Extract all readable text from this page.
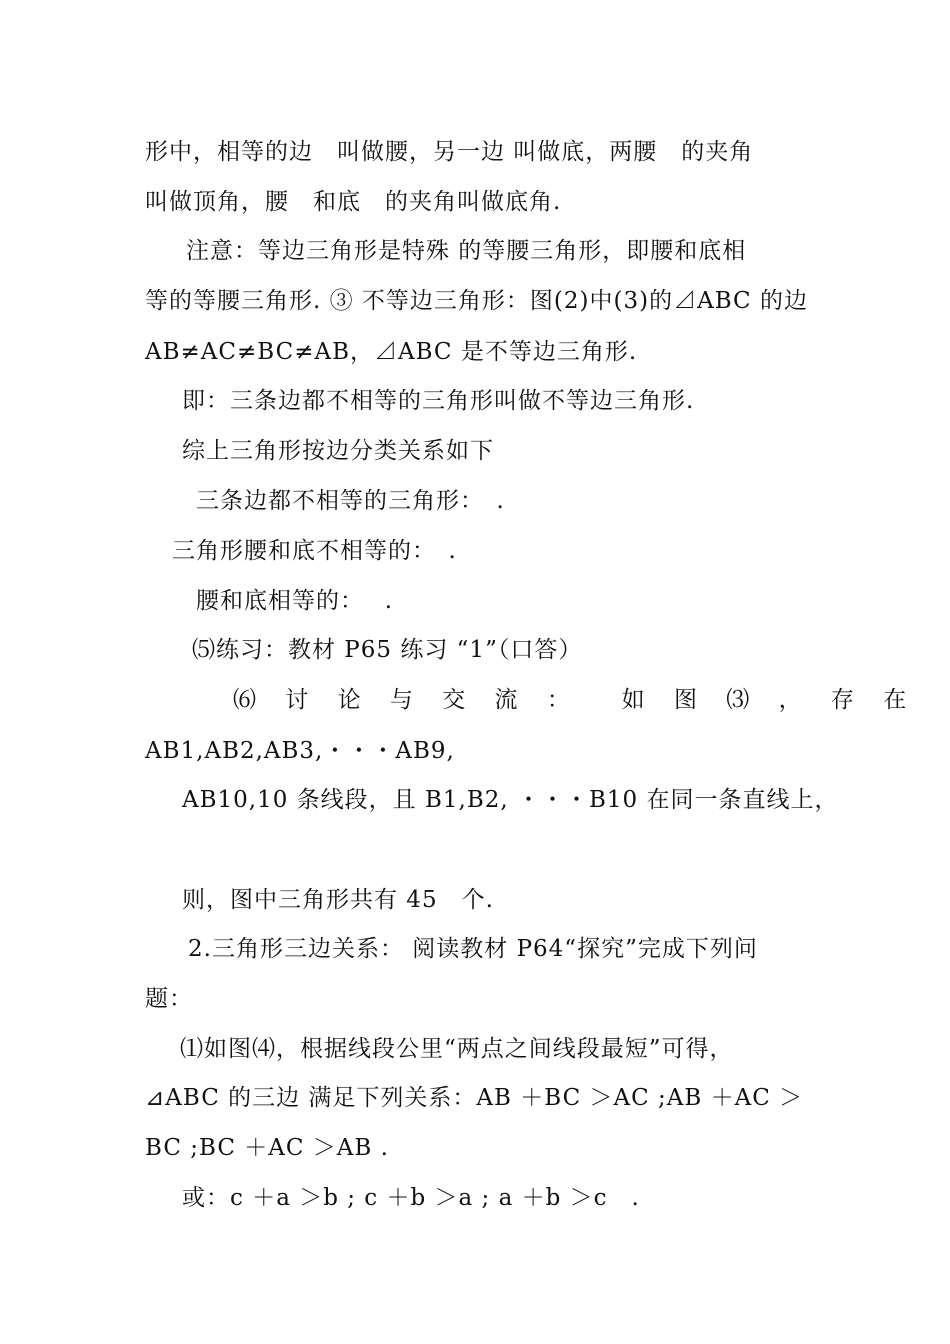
形中，相等的边　叫做腰，另一边 叫做底，两腰　的夹角
叫做顶角，腰　和底　的夹角叫做底角.
注意：等边三角形是特殊 的等腰三角形，即腰和底相
等的等腰三角形. ③ 不等边三角形：图(2)中(3)的⊿ABC 的边
AB≠AC≠BC≠AB，⊿ABC 是不等边三角形.
即：三条边都不相等的三角形叫做不等边三角形.
综上三角形按边分类关系如下
三条边都不相等的三角形：　.
三角形腰和底不相等的：　.
腰和底相等的：　 .
⑸练习：教材 P65 练习 “1”（口答）
⑹ 讨 论 与 交 流 ：　 如 图 ⑶ ， 存 在
AB1,AB2,AB3,・・・AB9,
AB10,10 条线段，且 B1,B2, ・・・B10 在同一条直线上，
则，图中三角形共有 45　个.
2.三角形三边关系： 阅读教材 P64“探究”完成下列问
题：
⑴如图⑷，根据线段公里“两点之间线段最短”可得，
⊿ABC 的三边 满足下列关系：AB ＋BC ＞AC ;AB ＋AC ＞
BC ;BC ＋AC ＞AB .
或：c ＋a ＞b ; c ＋b ＞a ; a ＋b ＞c　.
